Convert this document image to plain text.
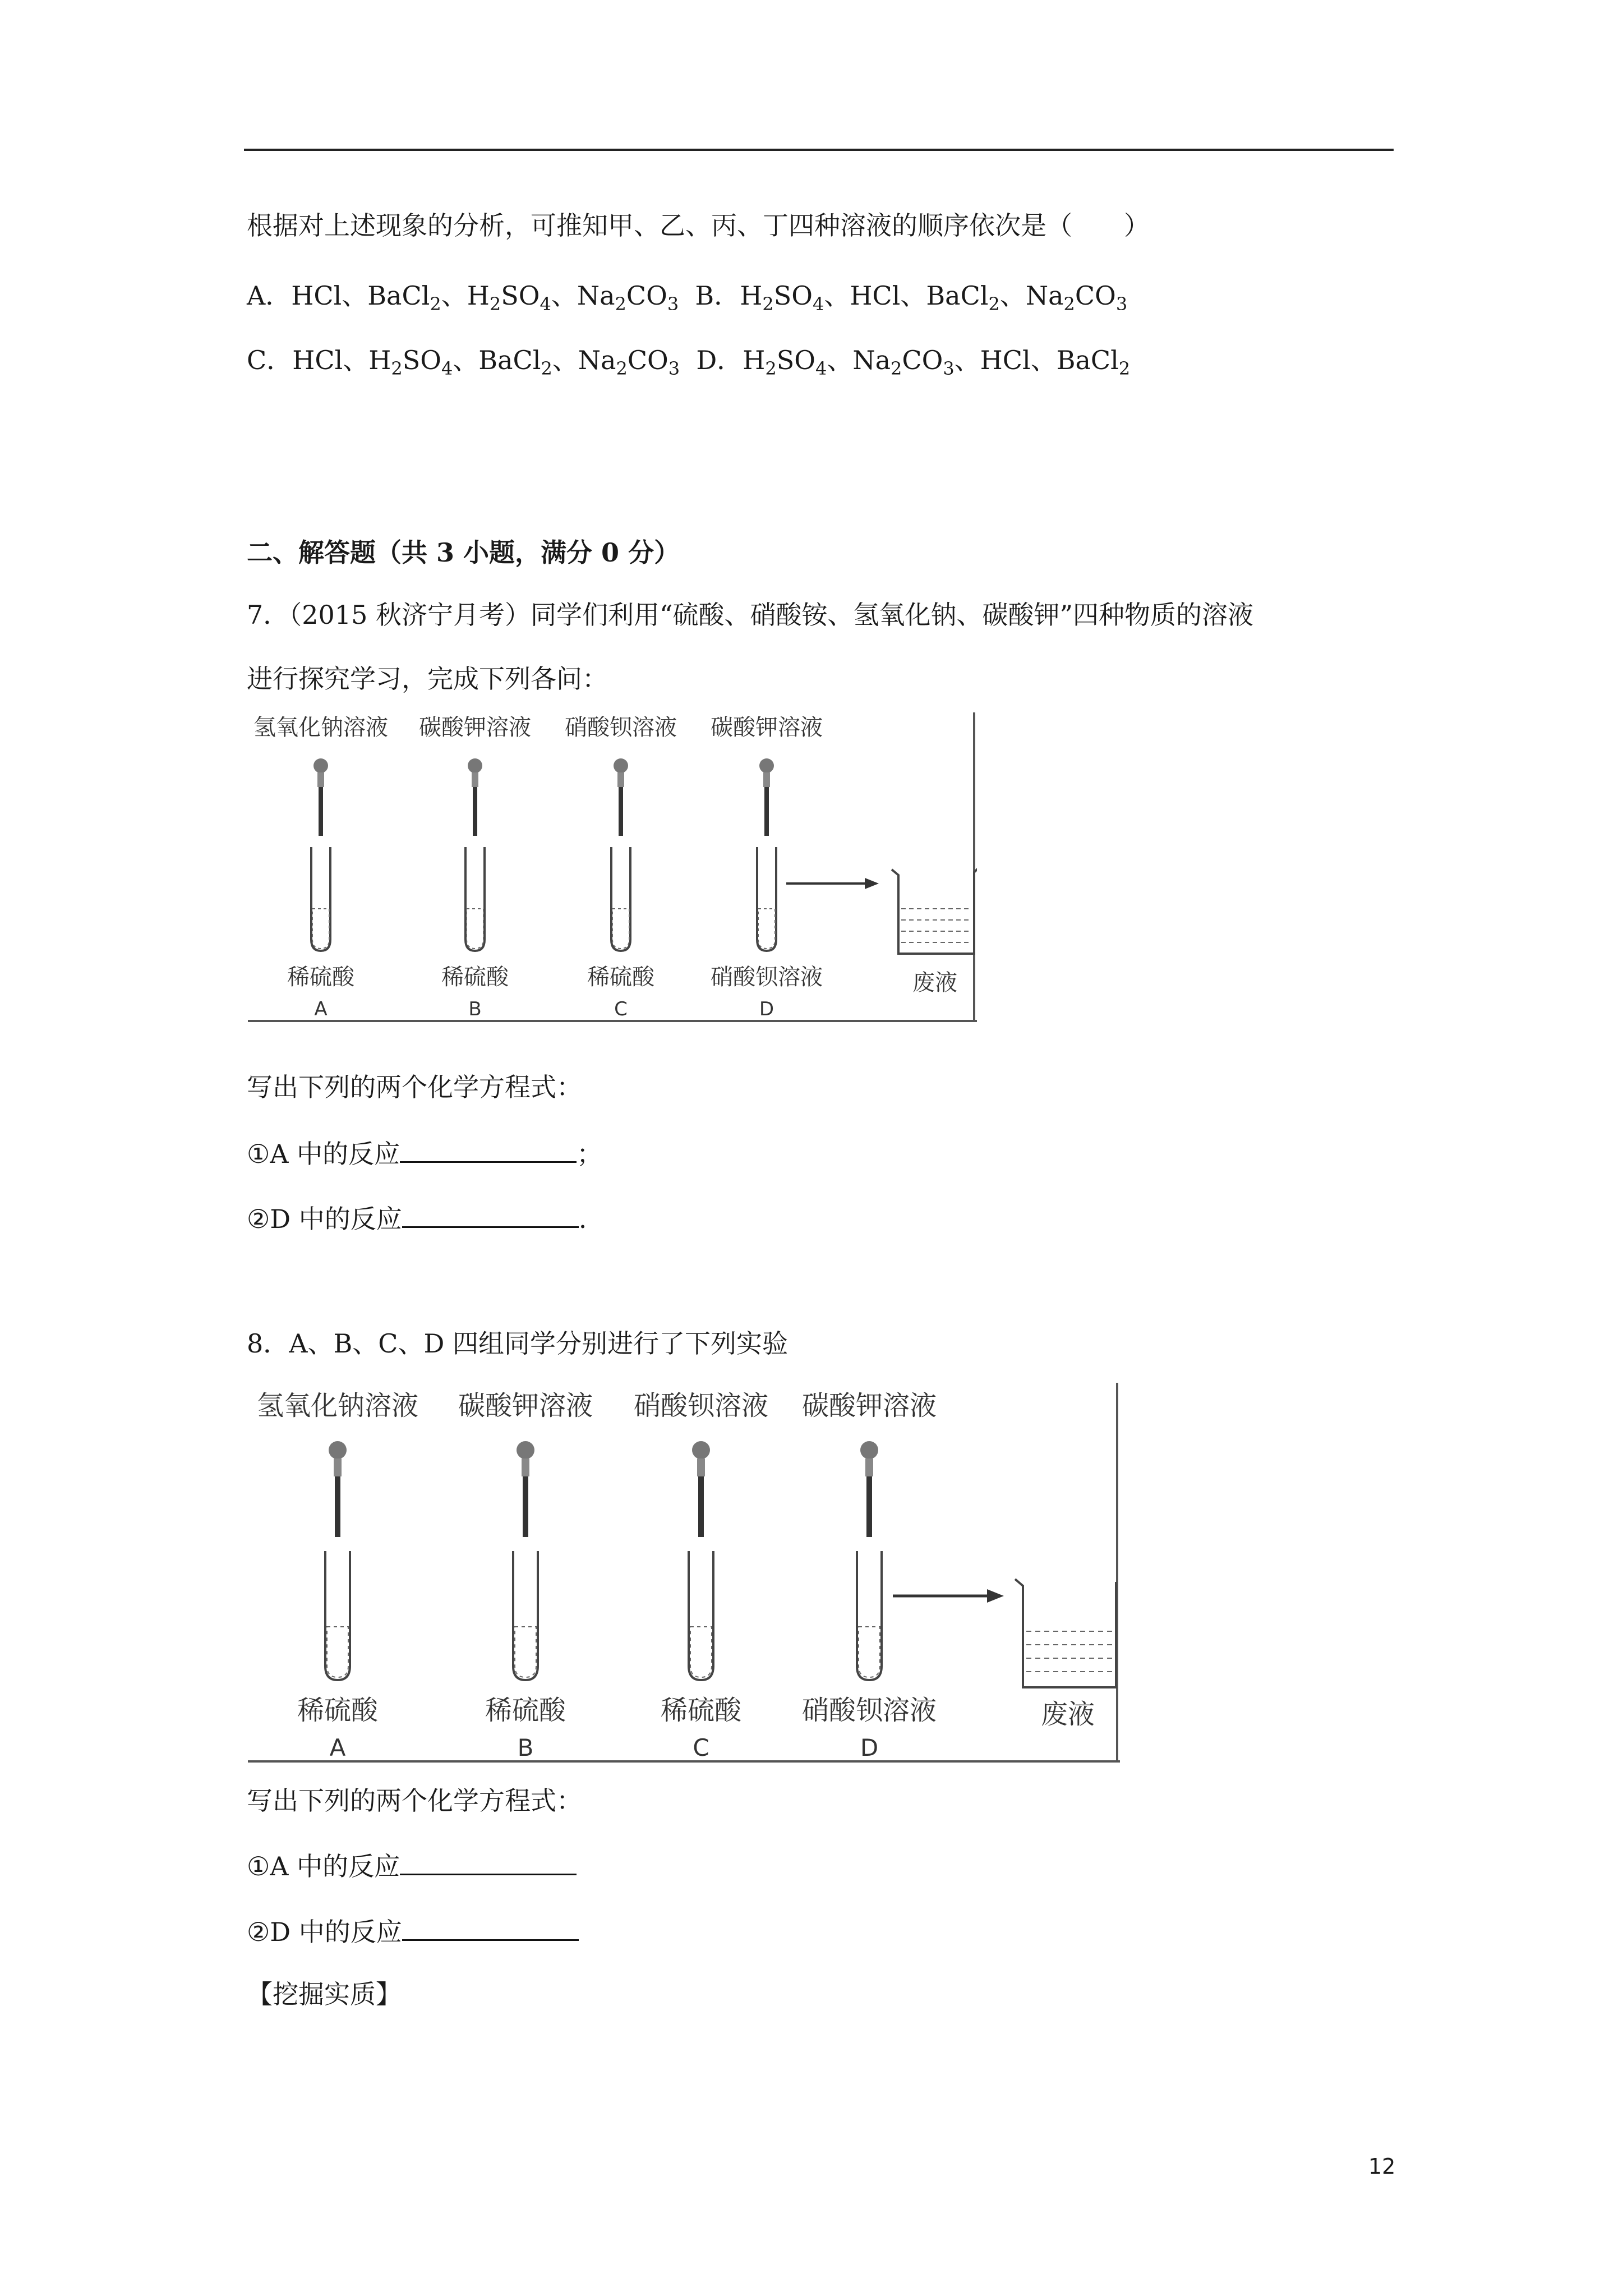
根据对上述现象的分析，可推知甲、乙、丙、丁四种溶液的顺序依次是（　　）
A．HCl、BaCl$_2$、$H_2SO_4$、$Na_2CO_3$ B．$H_2SO_4$、HCl、BaCl$_2$、$Na_2CO_3$
C．HCl、$H_2SO_4$、BaCl$_2$、$Na_2CO_3$ D．$H_2SO_4$、$Na_2CO_3$、HCl、BaCl$_2$
二、解答题（共 3 小题，满分 0 分）
7．（2015 秋济宁月考）同学们利用“硫酸、硝酸铵、氢氧化钠、碳酸钾”四种物质的溶液
进行探究学习，完成下列各问：
氢氧化钠溶液 碳酸钾溶液 硝酸钡溶液 碳酸钾溶液
稀硫酸
A
稀硫酸
B
稀硫酸
C
硝酸钡溶液
D
废液
写出下列的两个化学方程式：
①A 中的反应	；
②D 中的反应	.
8．A、B、C、D 四组同学分别进行了下列实验
氢氧化钠溶液 碳酸钾溶液 硝酸钡溶液 碳酸钾溶液
稀硫酸
A
稀硫酸
B
稀硫酸
C
硝酸钡溶液
D
废液
写出下列的两个化学方程式：
①A 中的反应
②D 中的反应
【挖掘实质】
12
